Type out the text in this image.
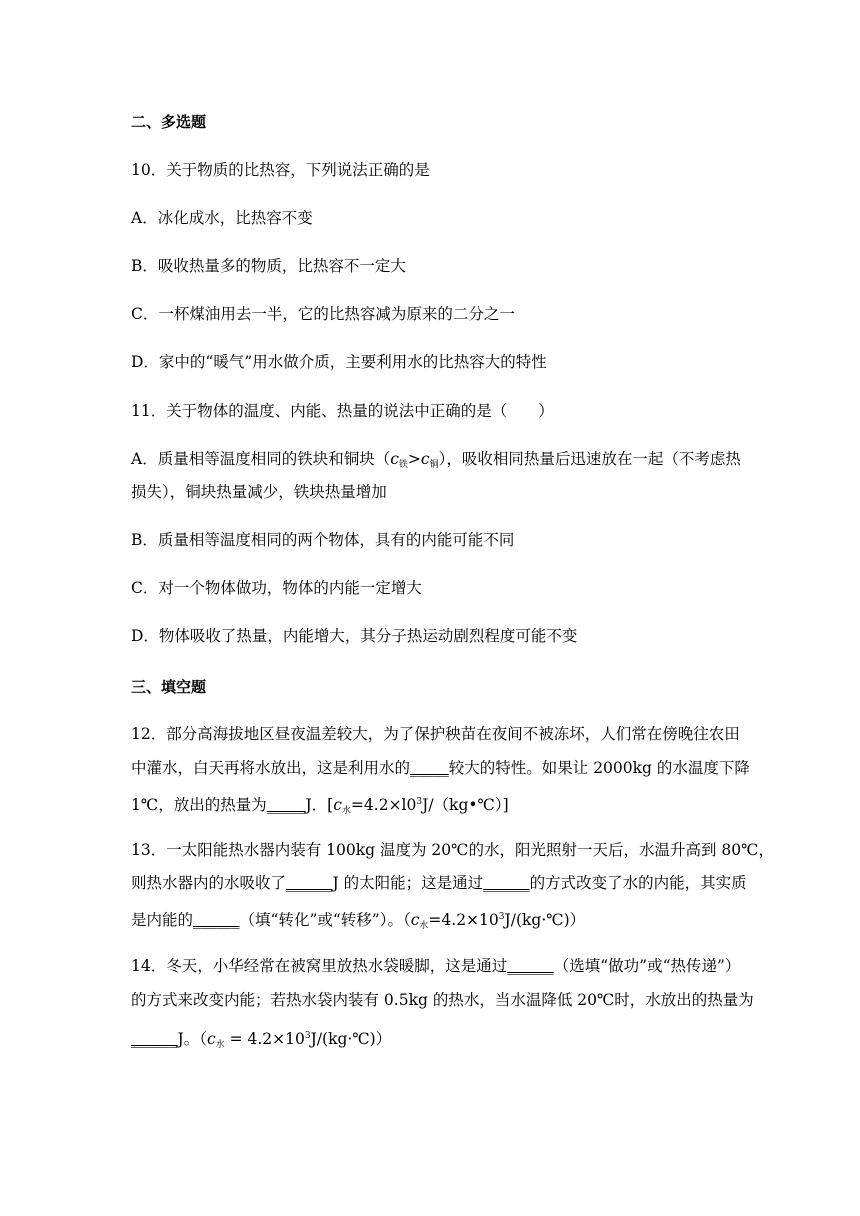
二、多选题
10．关于物质的比热容，下列说法正确的是
A．冰化成水，比热容不变
B．吸收热量多的物质，比热容不一定大
C．一杯煤油用去一半，它的比热容减为原来的二分之一
D．家中的“暖气”用水做介质，主要利用水的比热容大的特性
11．关于物体的温度、内能、热量的说法中正确的是（　　）
A．质量相等温度相同的铁块和铜块$(c_铁>c_铜)$，吸收相同热量后迅速放在一起（不考虑热
损失），铜块热量减少，铁块热量增加
B．质量相等温度相同的两个物体，具有的内能可能不同
C．对一个物体做功，物体的内能一定增大
D．物体吸收了热量，内能增大，其分子热运动剧烈程度可能不变
三、填空题
12．部分高海拔地区昼夜温差较大，为了保护秧苗在夜间不被冻坏，人们常在傍晚往农田
中灌水，白天再将水放出，这是利用水的_____较大的特性。如果让 2000kg 的水温度下降
1℃，放出的热量为_____J．$[c_水=4.2\times l0^3J/(kg•℃)]$
13．一太阳能热水器内装有 100kg 温度为 20℃的水，阳光照射一天后，水温升高到 80℃，
则热水器内的水吸收了______J 的太阳能；这是通过______的方式改变了水的内能，其实质
是内能的______（填“转化”或“转移”）。$(c_水=4.2\times 10^3J/(kg\cdot℃))$
14．冬天，小华经常在被窝里放热水袋暖脚，这是通过______（选填“做功”或“热传递”）
的方式来改变内能；若热水袋内装有 0.5kg 的热水，当水温降低 20℃时，水放出的热量为
______J。（$c_水$ = $4.2\times 10^3J/(kg\cdot℃)$）
